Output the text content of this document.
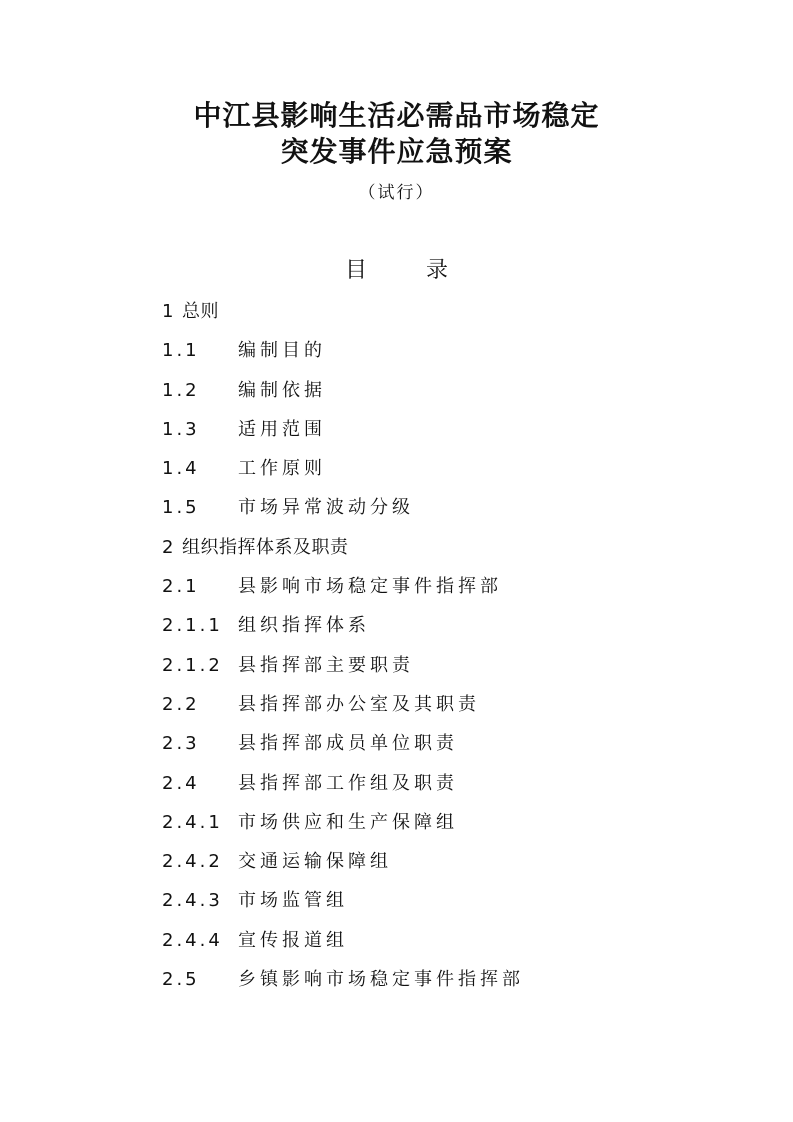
中江县影响生活必需品市场稳定
突发事件应急预案
（试行）
目 录
1 总则
1.1	编制目的
1.2	编制依据
1.3	适用范围
1.4	工作原则
1.5	市场异常波动分级
2 组织指挥体系及职责
2.1	县影响市场稳定事件指挥部
2.1.1 组织指挥体系
2.1.2 县指挥部主要职责
2.2	县指挥部办公室及其职责
2.3	县指挥部成员单位职责
2.4	县指挥部工作组及职责
2.4.1 市场供应和生产保障组
2.4.2 交通运输保障组
2.4.3 市场监管组
2.4.4 宣传报道组
2.5	乡镇影响市场稳定事件指挥部
